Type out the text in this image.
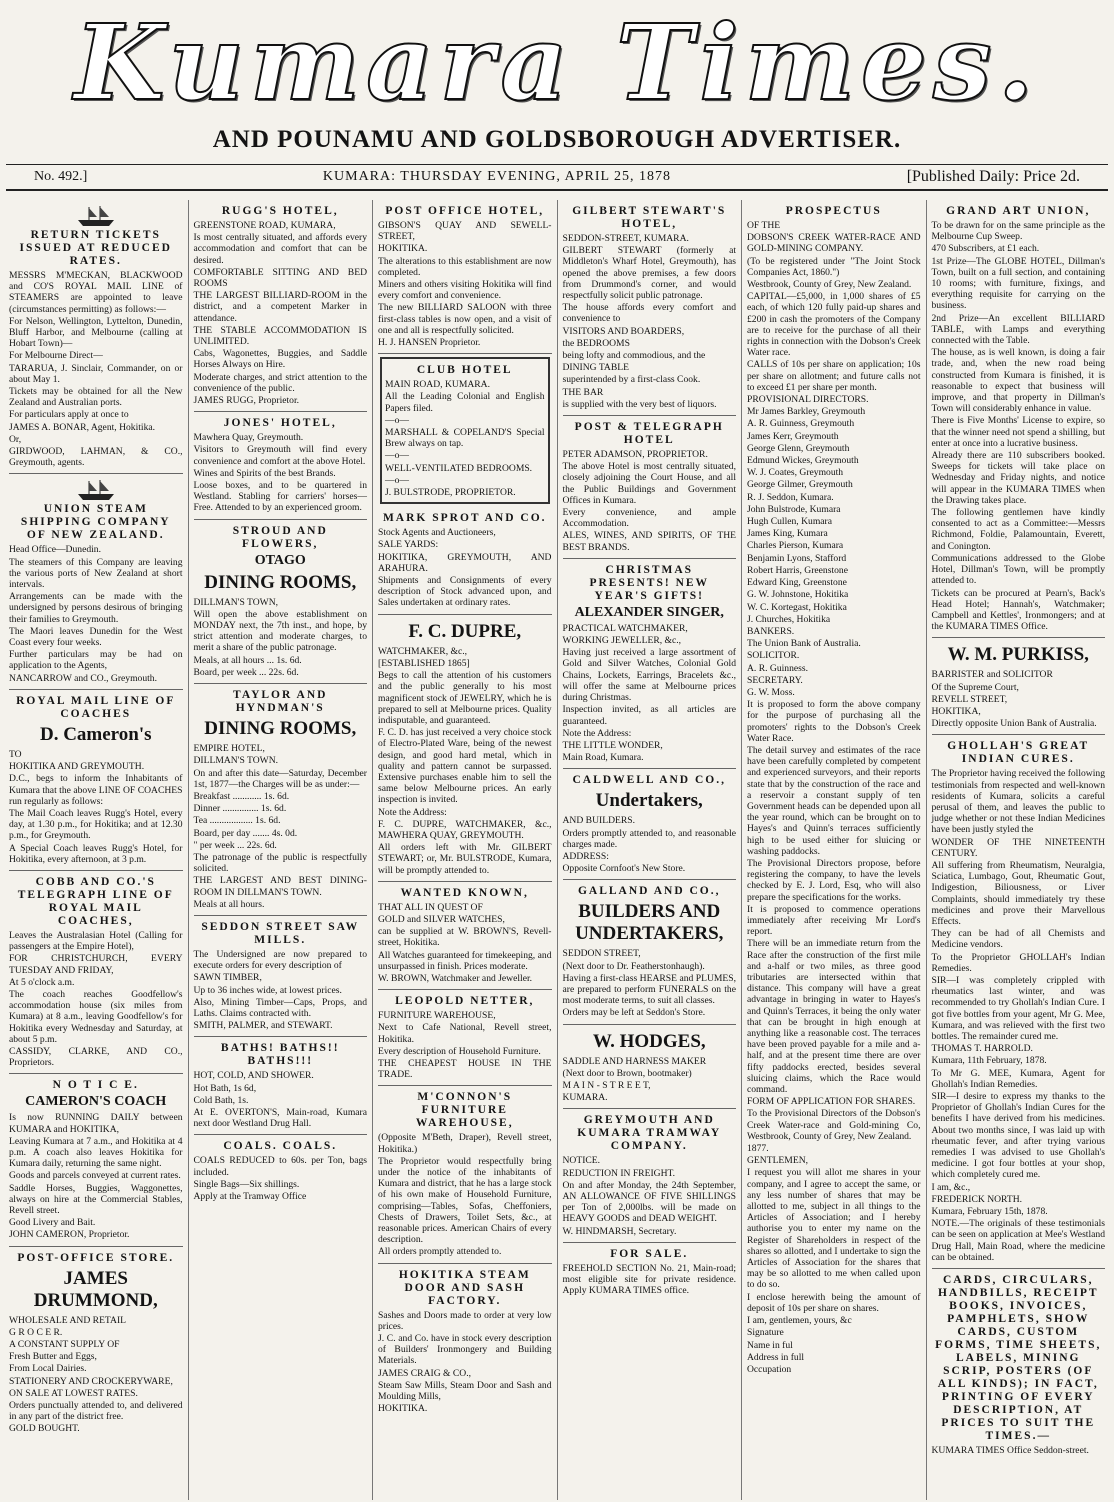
Kumara Times.
AND POUNAMU AND GOLDSBOROUGH ADVERTISER.
No. 492.]	KUMARA: THURSDAY EVENING, APRIL 25, 1878	[Published Daily: Price 2d.
RETURN TICKETS ISSUED AT REDUCED RATES.
MESSRS M'MECKAN, BLACKWOOD and CO'S ROYAL MAIL LINE of STEAMERS are appointed to leave (circumstances permitting) as follows:—
For Nelson, Wellington, Lyttelton, Dunedin, Bluff Harbor, and Melbourne (calling at Hobart Town)—
For Melbourne Direct—
TARARUA, J. Sinclair, Commander, on or about May 1.
Tickets may be obtained for all the New Zealand and Australian ports.
For particulars apply at once to
JAMES A. BONAR, Agent, Hokitika.
Or,
GIRDWOOD, LAHMAN, & CO., Greymouth, agents.
UNION STEAM SHIPPING COMPANY OF NEW ZEALAND.
Head Office—Dunedin.
The steamers of this Company are leaving the various ports of New Zealand at short intervals.
Arrangements can be made with the undersigned by persons desirous of bringing their families to Greymouth.
The Maori leaves Dunedin for the West Coast every four weeks.
Further particulars may be had on application to the Agents,
NANCARROW and CO., Greymouth.
ROYAL MAIL LINE OF COACHES
D. Cameron's
TO
HOKITIKA AND GREYMOUTH.
D.C., begs to inform the Inhabitants of Kumara that the above LINE OF COACHES run regularly as follows:
The Mail Coach leaves Rugg's Hotel, every day, at 1.30 p.m., for Hokitika; and at 12.30 p.m., for Greymouth.
A Special Coach leaves Rugg's Hotel, for Hokitika, every afternoon, at 3 p.m.
COBB AND CO.'S TELEGRAPH LINE OF ROYAL MAIL COACHES,
Leaves the Australasian Hotel (Calling for passengers at the Empire Hotel),
FOR CHRISTCHURCH, EVERY TUESDAY AND FRIDAY,
At 5 o'clock a.m.
The coach reaches Goodfellow's accommodation house (six miles from Kumara) at 8 a.m., leaving Goodfellow's for Hokitika every Wednesday and Saturday, at about 5 p.m.
CASSIDY, CLARKE, AND CO., Proprietors.
N O T I C E.
CAMERON'S COACH
Is now RUNNING DAILY between KUMARA and HOKITIKA,
Leaving Kumara at 7 a.m., and Hokitika at 4 p.m. A coach also leaves Hokitika for Kumara daily, returning the same night.
Goods and parcels conveyed at current rates.
Saddle Horses, Buggies, Waggonettes, always on hire at the Commercial Stables, Revell street.
Good Livery and Bait.
JOHN CAMERON, Proprietor.
POST-OFFICE STORE.
JAMES DRUMMOND,
WHOLESALE AND RETAIL
G R O C E R.
A CONSTANT SUPPLY OF
Fresh Butter and Eggs,
From Local Dairies.
STATIONERY AND CROCKERYWARE,
ON SALE AT LOWEST RATES.
Orders punctually attended to, and delivered in any part of the district free.
GOLD BOUGHT.
RUGG'S HOTEL,
GREENSTONE ROAD, KUMARA,
Is most centrally situated, and affords every accommodation and comfort that can be desired.
COMFORTABLE SITTING AND BED ROOMS
THE LARGEST BILLIARD-ROOM in the district, and a competent Marker in attendance.
THE STABLE ACCOMMODATION IS UNLIMITED.
Cabs, Wagonettes, Buggies, and Saddle Horses Always on Hire.
Moderate charges, and strict attention to the convenience of the public.
JAMES RUGG, Proprietor.
JONES' HOTEL,
Mawhera Quay, Greymouth.
Visitors to Greymouth will find every convenience and comfort at the above Hotel.
Wines and Spirits of the best Brands.
Loose boxes, and to be quartered in Westland. Stabling for carriers' horses—Free. Attended to by an experienced groom.
STROUD AND FLOWERS,
OTAGO
DINING ROOMS,
DILLMAN'S TOWN,
Will open the above establishment on MONDAY next, the 7th inst., and hope, by strict attention and moderate charges, to merit a share of the public patronage.
Meals, at all hours ... 1s. 6d.
Board, per week ... 22s. 6d.
TAYLOR AND HYNDMAN'S
DINING ROOMS,
EMPIRE HOTEL,
DILLMAN'S TOWN.
On and after this date—Saturday, December 1st, 1877—the Charges will be as under:—
Breakfast ............ 1s. 6d.
Dinner ............... 1s. 6d.
Tea .................. 1s. 6d.
Board, per day ....... 4s. 0d.
" per week ... 22s. 6d.
The patronage of the public is respectfully solicited.
THE LARGEST AND BEST DINING-ROOM IN DILLMAN'S TOWN.
Meals at all hours.
SEDDON STREET SAW MILLS.
The Undersigned are now prepared to execute orders for every description of
SAWN TIMBER,
Up to 36 inches wide, at lowest prices.
Also, Mining Timber—Caps, Props, and Laths. Claims contracted with.
SMITH, PALMER, and STEWART.
BATHS! BATHS!! BATHS!!!
HOT, COLD, AND SHOWER.
Hot Bath, 1s 6d,
Cold Bath, 1s.
At E. OVERTON'S, Main-road, Kumara next door Westland Drug Hall.
COALS. COALS.
COALS REDUCED to 60s. per Ton, bags included.
Single Bags—Six shillings.
Apply at the Tramway Office
POST OFFICE HOTEL,
GIBSON'S QUAY AND SEWELL-STREET,
HOKITIKA.
The alterations to this establishment are now completed.
Miners and others visiting Hokitika will find every comfort and convenience.
The new BILLIARD SALOON with three first-class tables is now open, and a visit of one and all is respectfully solicited.
H. J. HANSEN Proprietor.
CLUB HOTEL
MAIN ROAD, KUMARA.
All the Leading Colonial and English Papers filed.
—o—
MARSHALL & COPELAND'S Special Brew always on tap.
—o—
WELL-VENTILATED BEDROOMS.
—o—
J. BULSTRODE, PROPRIETOR.
MARK SPROT AND CO.
Stock Agents and Auctioneers,
SALE YARDS:
HOKITIKA, GREYMOUTH, AND ARAHURA.
Shipments and Consignments of every description of Stock advanced upon, and Sales undertaken at ordinary rates.
F. C. DUPRE,
WATCHMAKER, &c.,
[ESTABLISHED 1865]
Begs to call the attention of his customers and the public generally to his most magnificent stock of JEWELRY, which he is prepared to sell at Melbourne prices. Quality indisputable, and guaranteed.
F. C. D. has just received a very choice stock of Electro-Plated Ware, being of the newest design, and good hard metal, which in quality and pattern cannot be surpassed. Extensive purchases enable him to sell the same below Melbourne prices. An early inspection is invited.
Note the Address:
F. C. DUPRE, WATCHMAKER, &c., MAWHERA QUAY, GREYMOUTH.
All orders left with Mr. GILBERT STEWART; or, Mr. BULSTRODE, Kumara, will be promptly attended to.
WANTED KNOWN,
THAT ALL IN QUEST OF
GOLD and SILVER WATCHES,
can be supplied at W. BROWN'S, Revell-street, Hokitika.
All Watches guaranteed for timekeeping, and unsurpassed in finish. Prices moderate.
W. BROWN, Watchmaker and Jeweller.
LEOPOLD NETTER,
FURNITURE WAREHOUSE,
Next to Cafe National, Revell street, Hokitika.
Every description of Household Furniture.
THE CHEAPEST HOUSE IN THE TRADE.
M'CONNON'S FURNITURE WAREHOUSE,
(Opposite M'Beth, Draper), Revell street, Hokitika.)
The Proprietor would respectfully bring under the notice of the inhabitants of Kumara and district, that he has a large stock of his own make of Household Furniture, comprising—Tables, Sofas, Cheffoniers, Chests of Drawers, Toilet Sets, &c., at reasonable prices. American Chairs of every description.
All orders promptly attended to.
HOKITIKA STEAM DOOR AND SASH FACTORY.
Sashes and Doors made to order at very low prices.
J. C. and Co. have in stock every description of Builders' Ironmongery and Building Materials.
JAMES CRAIG & CO.,
Steam Saw Mills, Steam Door and Sash and Moulding Mills,
HOKITIKA.
GILBERT STEWART'S HOTEL,
SEDDON-STREET, KUMARA.
GILBERT STEWART (formerly at Middleton's Wharf Hotel, Greymouth), has opened the above premises, a few doors from Drummond's corner, and would respectfully solicit public patronage.
The house affords every comfort and convenience to
VISITORS AND BOARDERS,
the BEDROOMS
being lofty and commodious, and the
DINING TABLE
superintended by a first-class Cook.
THE BAR
is supplied with the very best of liquors.
POST & TELEGRAPH HOTEL
PETER ADAMSON, PROPRIETOR.
The above Hotel is most centrally situated, closely adjoining the Court House, and all the Public Buildings and Government Offices in Kumara.
Every convenience, and ample Accommodation.
ALES, WINES, AND SPIRITS, OF THE BEST BRANDS.
CHRISTMAS PRESENTS! NEW YEAR'S GIFTS!
ALEXANDER SINGER,
PRACTICAL WATCHMAKER,
WORKING JEWELLER, &c.,
Having just received a large assortment of Gold and Silver Watches, Colonial Gold Chains, Lockets, Earrings, Bracelets &c., will offer the same at Melbourne prices during Christmas.
Inspection invited, as all articles are guaranteed.
Note the Address:
THE LITTLE WONDER,
Main Road, Kumara.
CALDWELL AND CO.,
Undertakers,
AND BUILDERS.
Orders promptly attended to, and reasonable charges made.
ADDRESS:
Opposite Cornfoot's New Store.
GALLAND AND CO.,
BUILDERS AND UNDERTAKERS,
SEDDON STREET,
(Next door to Dr. Featherstonhaugh).
Having a first-class HEARSE and PLUMES, are prepared to perform FUNERALS on the most moderate terms, to suit all classes.
Orders may be left at Seddon's Store.
W. HODGES,
SADDLE AND HARNESS MAKER
(Next door to Brown, bootmaker)
M A I N - S T R E E T,
KUMARA.
GREYMOUTH AND KUMARA TRAMWAY COMPANY.
NOTICE.
REDUCTION IN FREIGHT.
On and after Monday, the 24th September, AN ALLOWANCE OF FIVE SHILLINGS per Ton of 2,000lbs. will be made on HEAVY GOODS and DEAD WEIGHT.
W. HINDMARSH, Secretary.
FOR SALE.
FREEHOLD SECTION No. 21, Main-road; most eligible site for private residence. Apply KUMARA TIMES office.
PROSPECTUS
OF THE
DOBSON'S CREEK WATER-RACE AND GOLD-MINING COMPANY.
(To be registered under "The Joint Stock Companies Act, 1860.")
Westbrook, County of Grey, New Zealand.
CAPITAL—£5,000, in 1,000 shares of £5 each, of which 120 fully paid-up shares and £200 in cash the promoters of the Company are to receive for the purchase of all their rights in connection with the Dobson's Creek Water race.
CALLS of 10s per share on application; 10s per share on allotment; and future calls not to exceed £1 per share per month.
PROVISIONAL DIRECTORS.
Mr James Barkley, Greymouth
A. R. Guinness, Greymouth
James Kerr, Greymouth
George Glenn, Greymouth
Edmund Wickes, Greymouth
W. J. Coates, Greymouth
George Gilmer, Greymouth
R. J. Seddon, Kumara.
John Bulstrode, Kumara
Hugh Cullen, Kumara
James King, Kumara
Charles Pierson, Kumara
Benjamin Lyons, Stafford
Robert Harris, Greenstone
Edward King, Greenstone
G. W. Johnstone, Hokitika
W. C. Kortegast, Hokitika
J. Churches, Hokitika
BANKERS.
The Union Bank of Australia.
SOLICITOR.
A. R. Guinness.
SECRETARY.
G. W. Moss.
It is proposed to form the above company for the purpose of purchasing all the promoters' rights to the Dobson's Creek Water Race.
The detail survey and estimates of the race have been carefully completed by competent and experienced surveyors, and their reports state that by the construction of the race and a reservoir a constant supply of ten Government heads can be depended upon all the year round, which can be brought on to Hayes's and Quinn's terraces sufficiently high to be used either for sluicing or washing paddocks.
The Provisional Directors propose, before registering the company, to have the levels checked by E. J. Lord, Esq, who will also prepare the specifications for the works.
It is proposed to commence operations immediately after receiving Mr Lord's report.
There will be an immediate return from the Race after the construction of the first mile and a-half or two miles, as three good tributaries are intersected within that distance. This company will have a great advantage in bringing in water to Hayes's and Quinn's Terraces, it being the only water that can be brought in high enough at anything like a reasonable cost. The terraces have been proved payable for a mile and a-half, and at the present time there are over fifty paddocks erected, besides several sluicing claims, which the Race would command.
FORM OF APPLICATION FOR SHARES.
To the Provisional Directors of the Dobson's Creek Water-race and Gold-mining Co, Westbrook, County of Grey, New Zealand.
1877.
GENTLEMEN,
I request you will allot me shares in your company, and I agree to accept the same, or any less number of shares that may be allotted to me, subject in all things to the Articles of Association; and I hereby authorise you to enter my name on the Register of Shareholders in respect of the shares so allotted, and I undertake to sign the Articles of Association for the shares that may be so allotted to me when called upon to do so.
I enclose herewith being the amount of deposit of 10s per share on shares.
I am, gentlemen, yours, &c
Signature
Name in ful
Address in full
Occupation
GRAND ART UNION,
To be drawn for on the same principle as the Melbourne Cup Sweep.
470 Subscribers, at £1 each.
1st Prize—The GLOBE HOTEL, Dillman's Town, built on a full section, and containing 10 rooms; with furniture, fixings, and everything requisite for carrying on the business.
2nd Prize—An excellent BILLIARD TABLE, with Lamps and everything connected with the Table.
The house, as is well known, is doing a fair trade, and, when the new road being constructed from Kumara is finished, it is reasonable to expect that business will improve, and that property in Dillman's Town will considerably enhance in value.
There is Five Months' License to expire, so that the winner need not spend a shilling, but enter at once into a lucrative business.
Already there are 110 subscribers booked. Sweeps for tickets will take place on Wednesday and Friday nights, and notice will appear in the KUMARA TIMES when the Drawing takes place.
The following gentlemen have kindly consented to act as a Committee:—Messrs Richmond, Foldie, Palamountain, Everett, and Conington.
Communications addressed to the Globe Hotel, Dillman's Town, will be promptly attended to.
Tickets can be procured at Pearn's, Back's Head Hotel; Hannah's, Watchmaker; Campbell and Kettles', Ironmongers; and at the KUMARA TIMES Office.
W. M. PURKISS,
BARRISTER and SOLICITOR
Of the Supreme Court,
REVELL STREET,
HOKITIKA,
Directly opposite Union Bank of Australia.
GHOLLAH'S GREAT INDIAN CURES.
The Proprietor having received the following testimonials from respected and well-known residents of Kumara, solicits a careful perusal of them, and leaves the public to judge whether or not these Indian Medicines have been justly styled the
WONDER OF THE NINETEENTH CENTURY.
All suffering from Rheumatism, Neuralgia, Sciatica, Lumbago, Gout, Rheumatic Gout, Indigestion, Biliousness, or Liver Complaints, should immediately try these medicines and prove their Marvellous Effects.
They can be had of all Chemists and Medicine vendors.
To the Proprietor GHOLLAH's Indian Remedies.
SIR—I was completely crippled with rheumatics last winter, and was recommended to try Ghollah's Indian Cure. I got five bottles from your agent, Mr G. Mee, Kumara, and was relieved with the first two bottles. The remainder cured me.
THOMAS T. HARROLD.
Kumara, 11th February, 1878.
To Mr G. MEE, Kumara, Agent for Ghollah's Indian Remedies.
SIR—I desire to express my thanks to the Proprietor of Ghollah's Indian Cures for the benefits I have derived from his medicines. About two months since, I was laid up with rheumatic fever, and after trying various remedies I was advised to use Ghollah's medicine. I got four bottles at your shop, which completely cured me.
I am, &c.,
FREDERICK NORTH.
Kumara, February 15th, 1878.
NOTE.—The originals of these testimonials can be seen on application at Mee's Westland Drug Hall, Main Road, where the medicine can be obtained.
CARDS, CIRCULARS, HANDBILLS, RECEIPT BOOKS, INVOICES, PAMPHLETS, SHOW CARDS, CUSTOM FORMS, TIME SHEETS, LABELS, MINING SCRIP, POSTERS (OF ALL KINDS); IN FACT, PRINTING OF EVERY DESCRIPTION, AT PRICES TO SUIT THE TIMES.—
KUMARA TIMES Office Seddon-street.
